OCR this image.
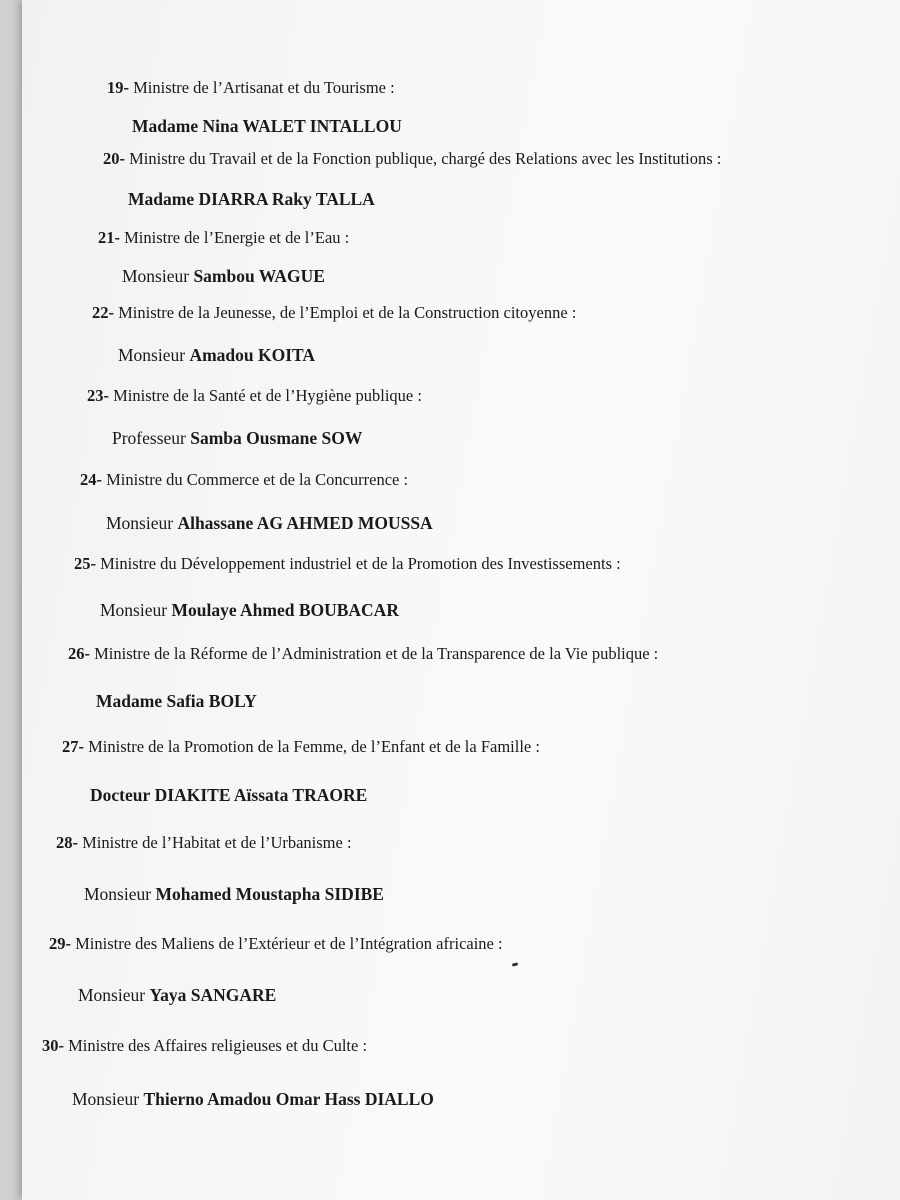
19- Ministre de l’Artisanat et du Tourisme :
Madame Nina WALET INTALLOU
20- Ministre du Travail et de la Fonction publique, chargé des Relations avec les Institutions :
Madame DIARRA Raky TALLA
21- Ministre de l’Energie et de l’Eau :
Monsieur Sambou WAGUE
22- Ministre de la Jeunesse, de l’Emploi et de la Construction citoyenne :
Monsieur Amadou KOITA
23- Ministre de la Santé et de l’Hygiène publique :
Professeur Samba Ousmane SOW
24- Ministre du Commerce et de la Concurrence :
Monsieur Alhassane AG AHMED MOUSSA
25- Ministre du Développement industriel et de la Promotion des Investissements :
Monsieur Moulaye Ahmed BOUBACAR
26- Ministre de la Réforme de l’Administration et de la Transparence de la Vie publique :
Madame Safia BOLY
27- Ministre de la Promotion de la Femme, de l’Enfant et de la Famille :
Docteur DIAKITE Aïssata TRAORE
28- Ministre de l’Habitat et de l’Urbanisme :
Monsieur Mohamed Moustapha SIDIBE
29- Ministre des Maliens de l’Extérieur et de l’Intégration africaine :
Monsieur Yaya SANGARE
30- Ministre des Affaires religieuses et du Culte :
Monsieur Thierno Amadou Omar Hass DIALLO
